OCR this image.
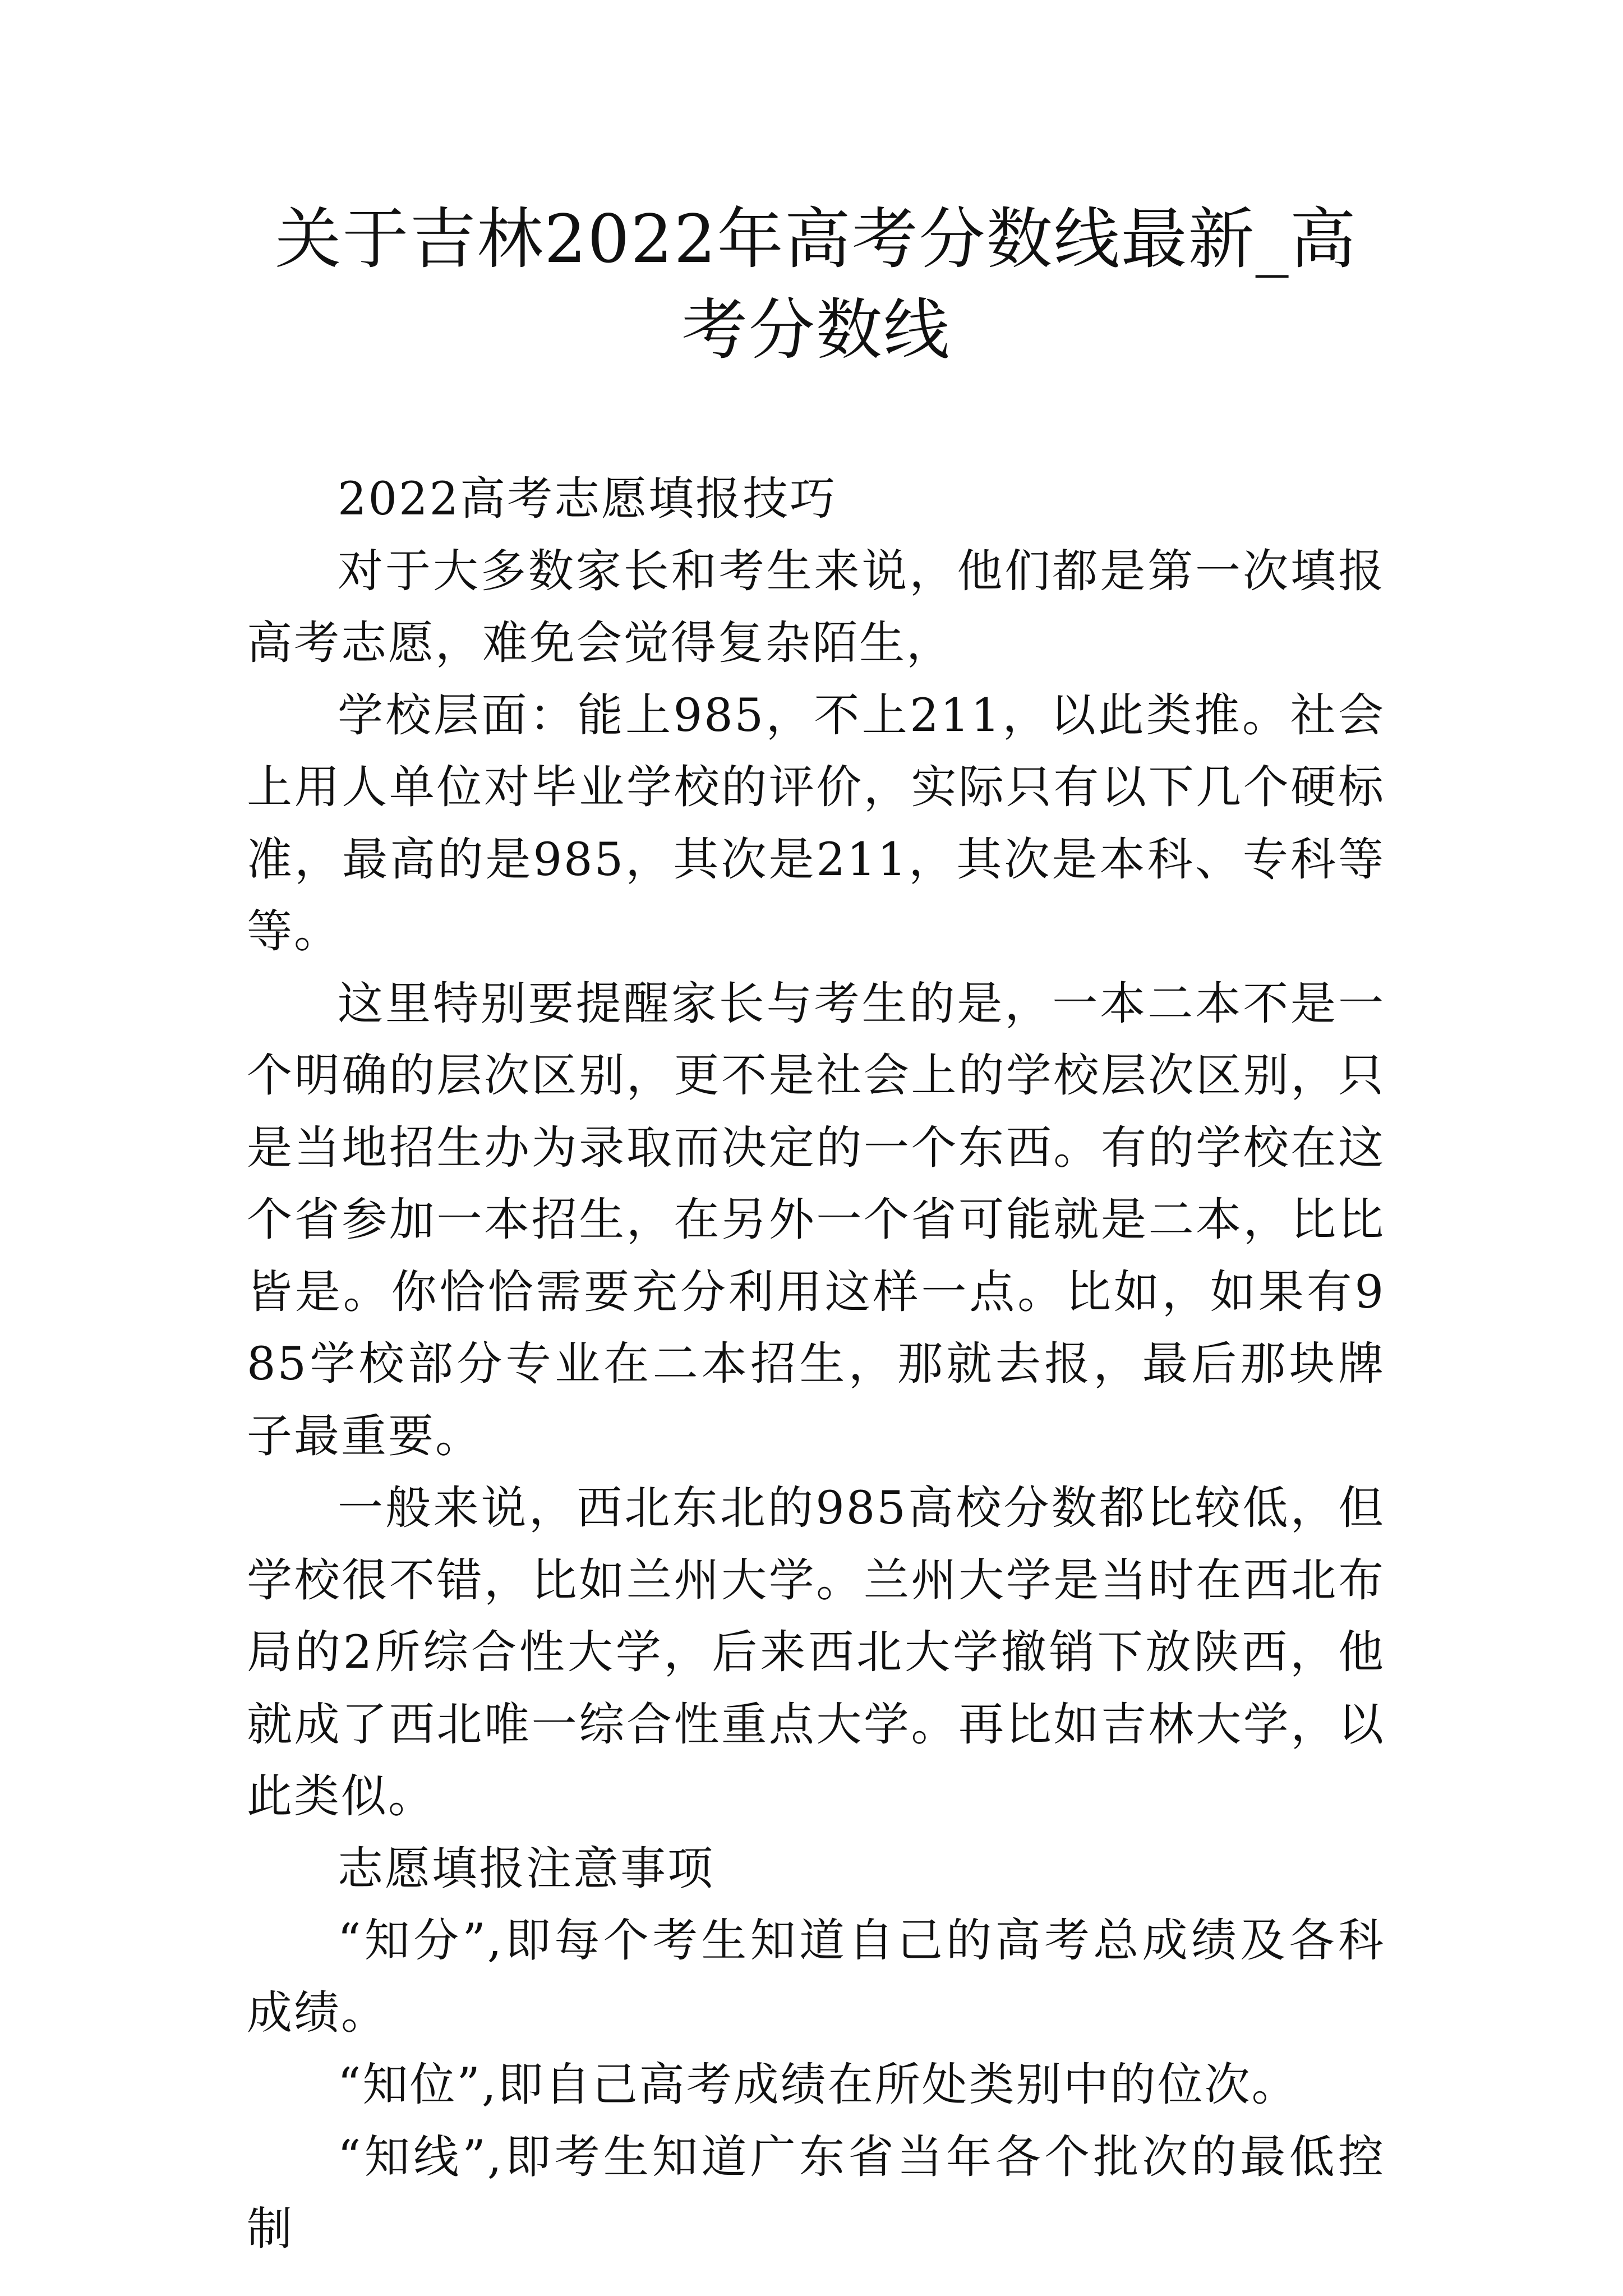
关于吉林2022年高考分数线最新_高考分数线

2022高考志愿填报技巧

对于大多数家长和考生来说，他们都是第一次填报高考志愿，难免会觉得复杂陌生，

学校层面：能上985，不上211，以此类推。社会上用人单位对毕业学校的评价，实际只有以下几个硬标准，最高的是985，其次是211，其次是本科、专科等等。

这里特别要提醒家长与考生的是，一本二本不是一个明确的层次区别，更不是社会上的学校层次区别，只是当地招生办为录取而决定的一个东西。有的学校在这个省参加一本招生，在另外一个省可能就是二本，比比皆是。你恰恰需要充分利用这样一点。比如，如果有985学校部分专业在二本招生，那就去报，最后那块牌子最重要。

一般来说，西北东北的985高校分数都比较低，但学校很不错，比如兰州大学。兰州大学是当时在西北布局的2所综合性大学，后来西北大学撤销下放陕西，他就成了西北唯一综合性重点大学。再比如吉林大学，以此类似。

志愿填报注意事项

“知分”,即每个考生知道自己的高考总成绩及各科成绩。

“知位”,即自己高考成绩在所处类别中的位次。

“知线”,即考生知道广东省当年各个批次的最低控制
